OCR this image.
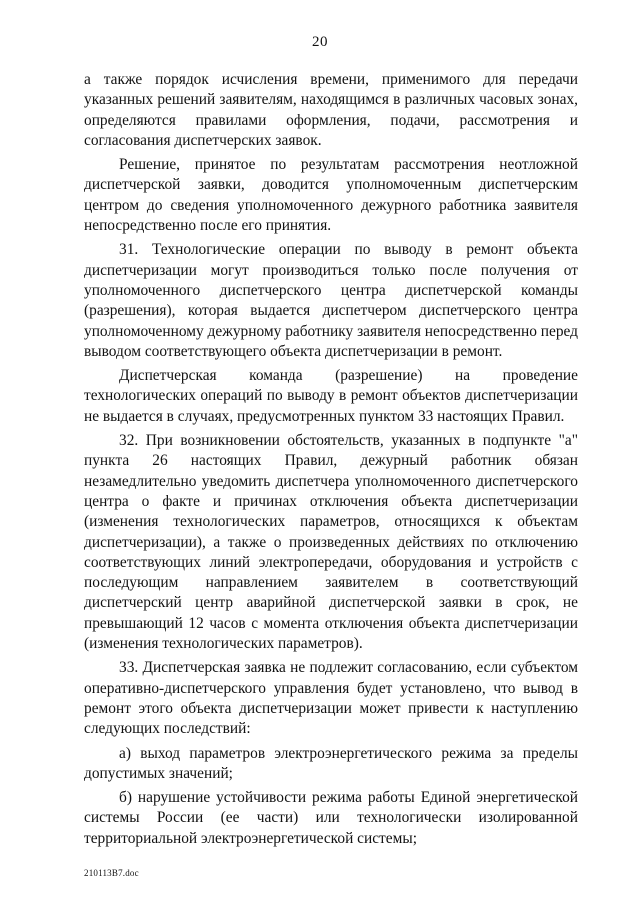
20

а также порядок исчисления времени, применимого для передачи указанных решений заявителям, находящимся в различных часовых зонах, определяются правилами оформления, подачи, рассмотрения и согласования диспетчерских заявок.

Решение, принятое по результатам рассмотрения неотложной диспетчерской заявки, доводится уполномоченным диспетчерским центром до сведения уполномоченного дежурного работника заявителя непосредственно после его принятия.

31. Технологические операции по выводу в ремонт объекта диспетчеризации могут производиться только после получения от уполномоченного диспетчерского центра диспетчерской команды (разрешения), которая выдается диспетчером диспетчерского центра уполномоченному дежурному работнику заявителя непосредственно перед выводом соответствующего объекта диспетчеризации в ремонт.

Диспетчерская команда (разрешение) на проведение технологических операций по выводу в ремонт объектов диспетчеризации не выдается в случаях, предусмотренных пунктом 33 настоящих Правил.

32. При возникновении обстоятельств, указанных в подпункте "а" пункта 26 настоящих Правил, дежурный работник обязан незамедлительно уведомить диспетчера уполномоченного диспетчерского центра о факте и причинах отключения объекта диспетчеризации (изменения технологических параметров, относящихся к объектам диспетчеризации), а также о произведенных действиях по отключению соответствующих линий электропередачи, оборудования и устройств с последующим направлением заявителем в соответствующий диспетчерский центр аварийной диспетчерской заявки в срок, не превышающий 12 часов с момента отключения объекта диспетчеризации (изменения технологических параметров).

33. Диспетчерская заявка не подлежит согласованию, если субъектом оперативно-диспетчерского управления будет установлено, что вывод в ремонт этого объекта диспетчеризации может привести к наступлению следующих последствий:

а) выход параметров электроэнергетического режима за пределы допустимых значений;

б) нарушение устойчивости режима работы Единой энергетической системы России (ее части) или технологически изолированной территориальной электроэнергетической системы;

210113B7.doc
